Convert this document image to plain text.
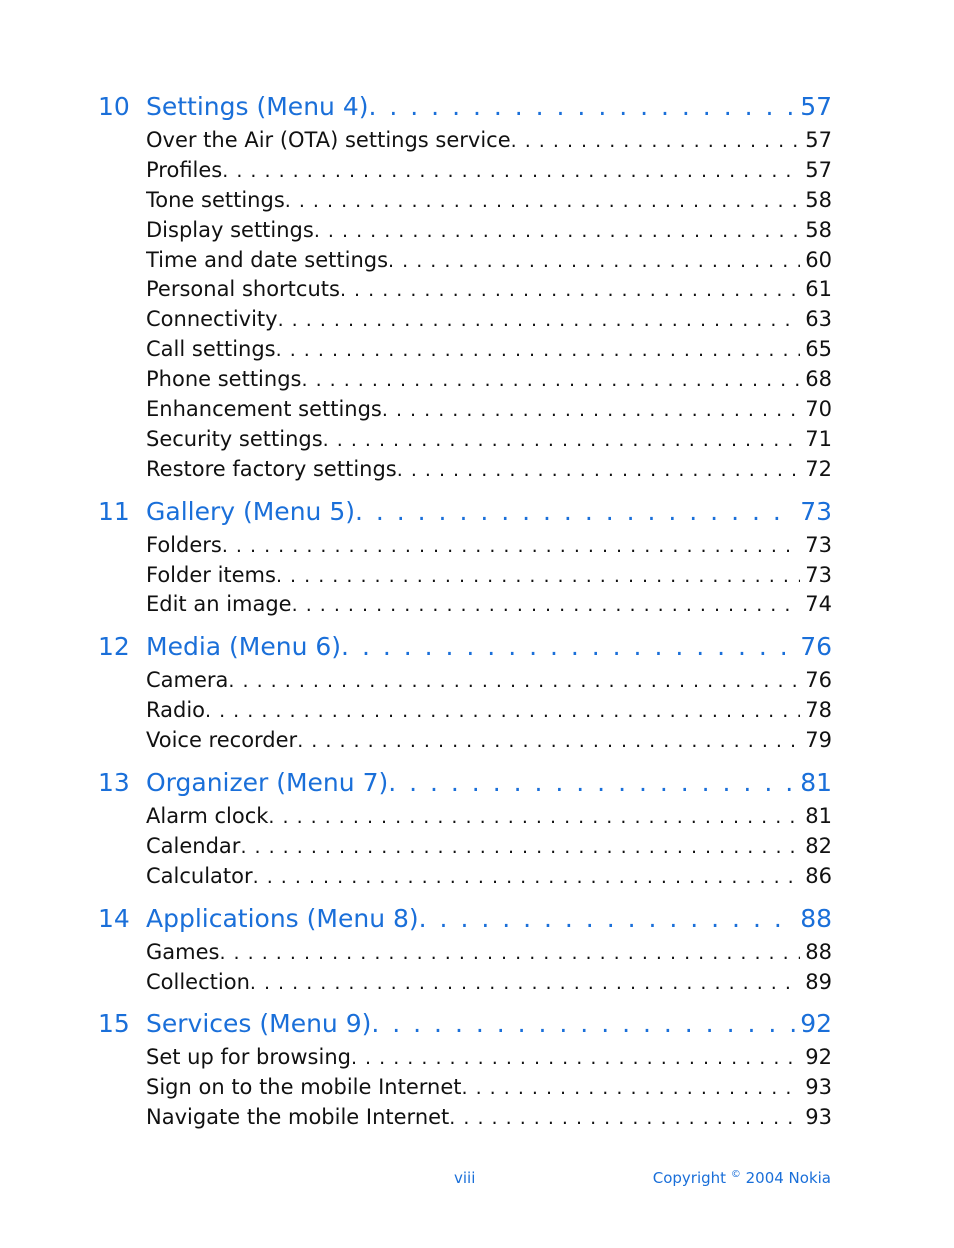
10 Settings (Menu 4) . . .	57
Over the Air (OTA) settings service . . .	57
Profiles . . .	57
Tone settings . . .	58
Display settings . . .	58
Time and date settings . . .	60
Personal shortcuts . . .	61
Connectivity . . .	63
Call settings . . .	65
Phone settings . . .	68
Enhancement settings . . .	70
Security settings . . .	71
Restore factory settings . . .	72
11 Gallery (Menu 5) . . .	73
Folders . . .	73
Folder items . . .	73
Edit an image . . .	74
12 Media (Menu 6) . . .	76
Camera . . .	76
Radio . . .	78
Voice recorder . . .	79
13 Organizer (Menu 7) . . .	81
Alarm clock . . .	81
Calendar . . .	82
Calculator . . .	86
14 Applications (Menu 8) . . .	88
Games . . .	88
Collection . . .	89
15 Services (Menu 9) . . .	92
Set up for browsing . . .	92
Sign on to the mobile Internet . . .	93
Navigate the mobile Internet . . .	93
viii	Copyright © 2004 Nokia
